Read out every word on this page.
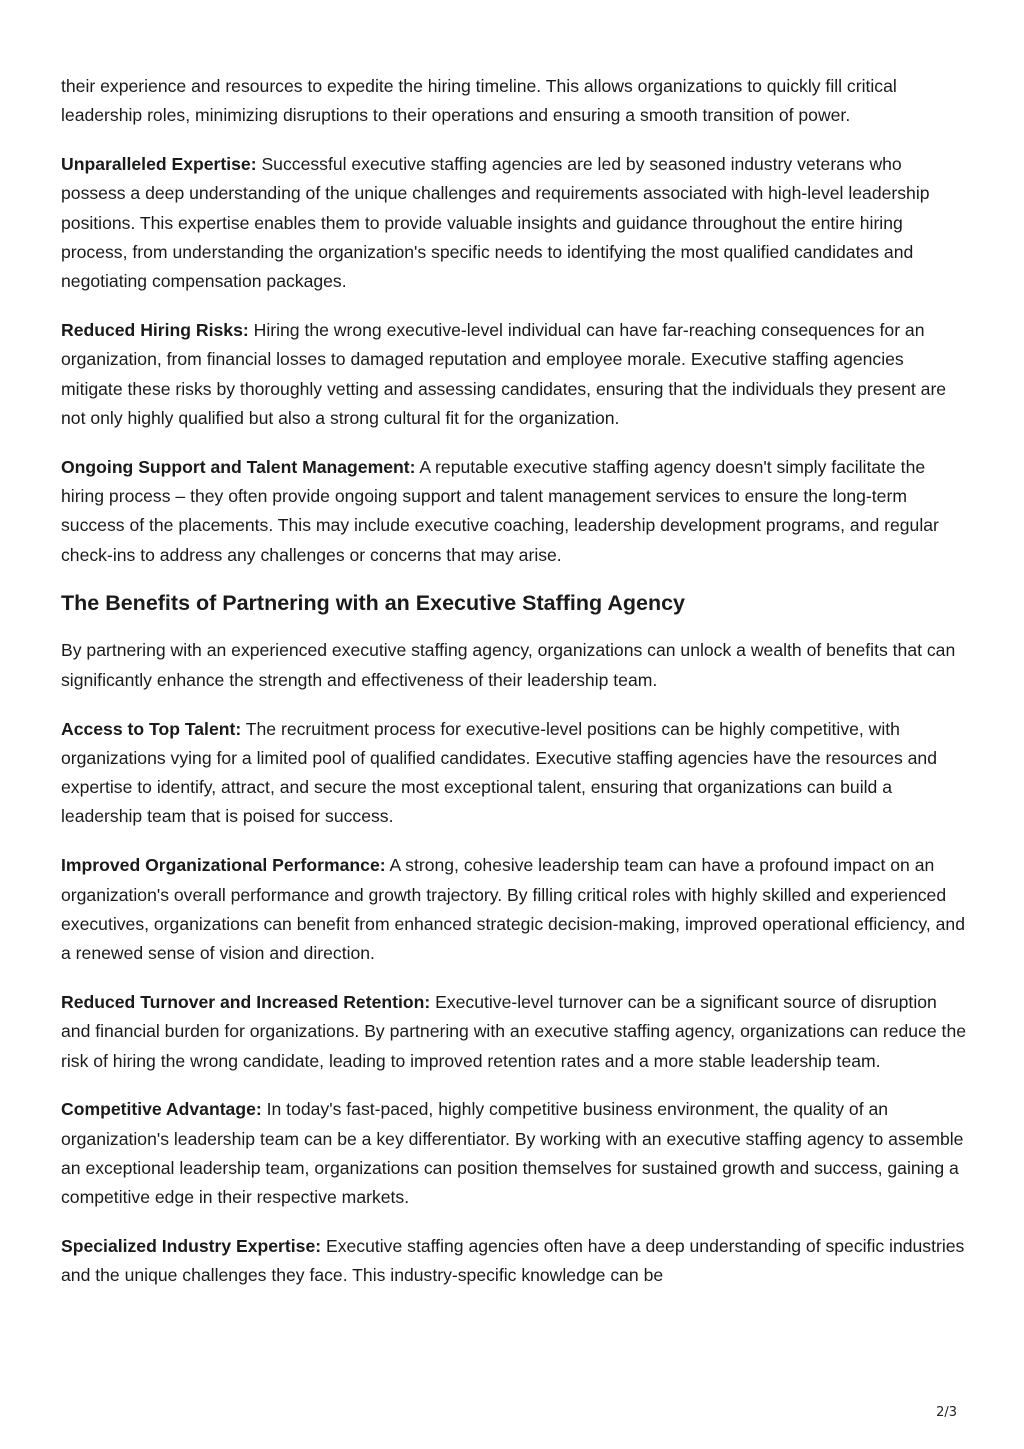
their experience and resources to expedite the hiring timeline. This allows organizations to quickly fill critical leadership roles, minimizing disruptions to their operations and ensuring a smooth transition of power.

Unparalleled Expertise: Successful executive staffing agencies are led by seasoned industry veterans who possess a deep understanding of the unique challenges and requirements associated with high-level leadership positions. This expertise enables them to provide valuable insights and guidance throughout the entire hiring process, from understanding the organization's specific needs to identifying the most qualified candidates and negotiating compensation packages.

Reduced Hiring Risks: Hiring the wrong executive-level individual can have far-reaching consequences for an organization, from financial losses to damaged reputation and employee morale. Executive staffing agencies mitigate these risks by thoroughly vetting and assessing candidates, ensuring that the individuals they present are not only highly qualified but also a strong cultural fit for the organization.

Ongoing Support and Talent Management: A reputable executive staffing agency doesn't simply facilitate the hiring process – they often provide ongoing support and talent management services to ensure the long-term success of the placements. This may include executive coaching, leadership development programs, and regular check-ins to address any challenges or concerns that may arise.

The Benefits of Partnering with an Executive Staffing Agency

By partnering with an experienced executive staffing agency, organizations can unlock a wealth of benefits that can significantly enhance the strength and effectiveness of their leadership team.

Access to Top Talent: The recruitment process for executive-level positions can be highly competitive, with organizations vying for a limited pool of qualified candidates. Executive staffing agencies have the resources and expertise to identify, attract, and secure the most exceptional talent, ensuring that organizations can build a leadership team that is poised for success.

Improved Organizational Performance: A strong, cohesive leadership team can have a profound impact on an organization's overall performance and growth trajectory. By filling critical roles with highly skilled and experienced executives, organizations can benefit from enhanced strategic decision-making, improved operational efficiency, and a renewed sense of vision and direction.

Reduced Turnover and Increased Retention: Executive-level turnover can be a significant source of disruption and financial burden for organizations. By partnering with an executive staffing agency, organizations can reduce the risk of hiring the wrong candidate, leading to improved retention rates and a more stable leadership team.

Competitive Advantage: In today's fast-paced, highly competitive business environment, the quality of an organization's leadership team can be a key differentiator. By working with an executive staffing agency to assemble an exceptional leadership team, organizations can position themselves for sustained growth and success, gaining a competitive edge in their respective markets.

Specialized Industry Expertise: Executive staffing agencies often have a deep understanding of specific industries and the unique challenges they face. This industry-specific knowledge can be

2/3
